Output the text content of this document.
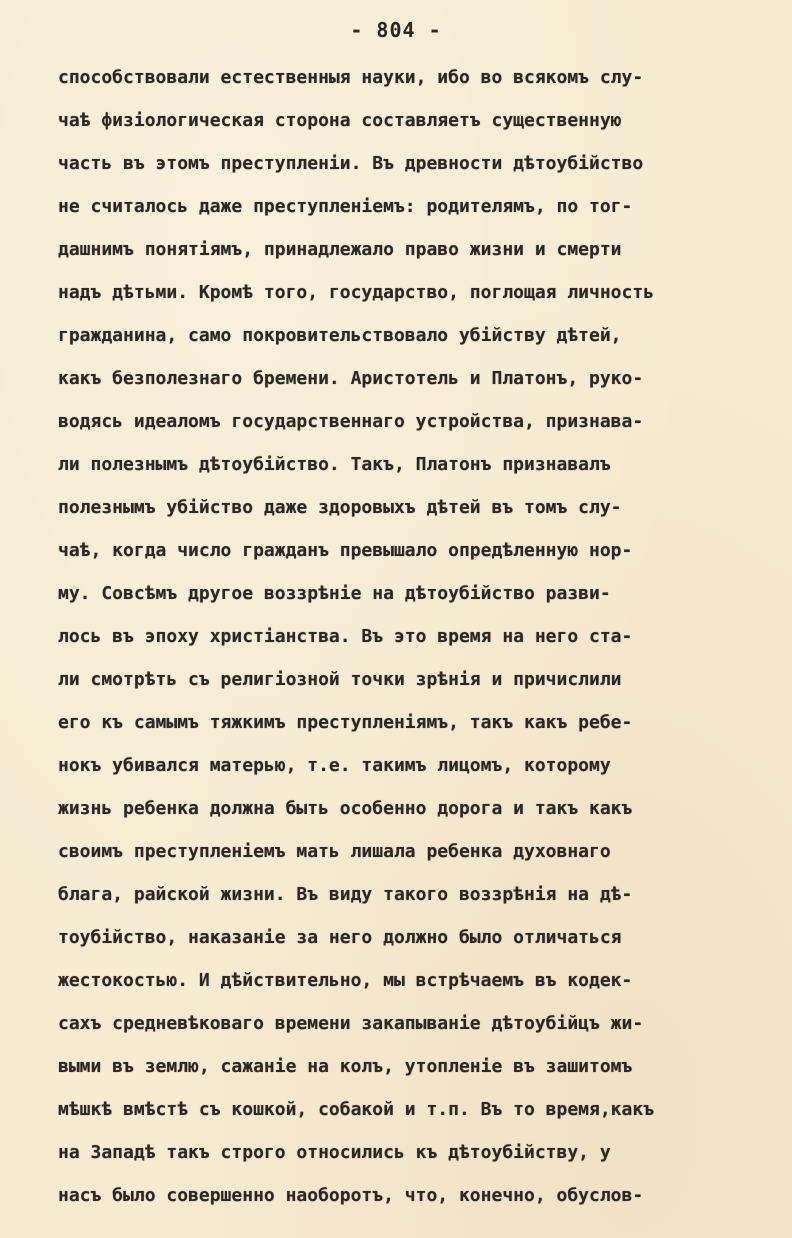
- 804 -
способствовали естественныя науки, ибо во всякомъ слу-
чаѣ физіологическая сторона составляетъ существенную
часть въ этомъ преступленіи. Въ древности дѣтоубійство
не считалось даже преступленіемъ: родителямъ, по тог-
дашнимъ понятіямъ, принадлежало право жизни и смерти
надъ дѣтьми. Кромѣ того, государство, поглощая личность
гражданина, само покровительствовало убійству дѣтей,
какъ безполезнаго бремени. Аристотель и Платонъ, руко-
водясь идеаломъ государственнаго устройства, признава-
ли полезнымъ дѣтоубійство. Такъ, Платонъ признавалъ
полезнымъ убійство даже здоровыхъ дѣтей въ томъ слу-
чаѣ, когда число гражданъ превышало опредѣленную нор-
му. Совсѣмъ другое воззрѣніе на дѣтоубійство разви-
лось въ эпоху христіанства. Въ это время на него ста-
ли смотрѣть съ религіозной точки зрѣнія и причислили
его къ самымъ тяжкимъ преступленіямъ, такъ какъ ребе-
нокъ убивался матерью, т.е. такимъ лицомъ, которому
жизнь ребенка должна быть особенно дорога и такъ какъ
своимъ преступленіемъ мать лишала ребенка духовнаго
блага, райской жизни. Въ виду такого воззрѣнія на дѣ-
тоубійство, наказаніе за него должно было отличаться
жестокостью. И дѣйствительно, мы встрѣчаемъ въ кодек-
сахъ средневѣковаго времени закапываніе дѣтоубійцъ жи-
выми въ землю, сажаніе на колъ, утопленіе въ зашитомъ
мѣшкѣ вмѣстѣ съ кошкой, собакой и т.п. Въ то время,какъ
на Западѣ такъ строго относились къ дѣтоубійству, у
насъ было совершенно наоборотъ, что, конечно, обуслов-
